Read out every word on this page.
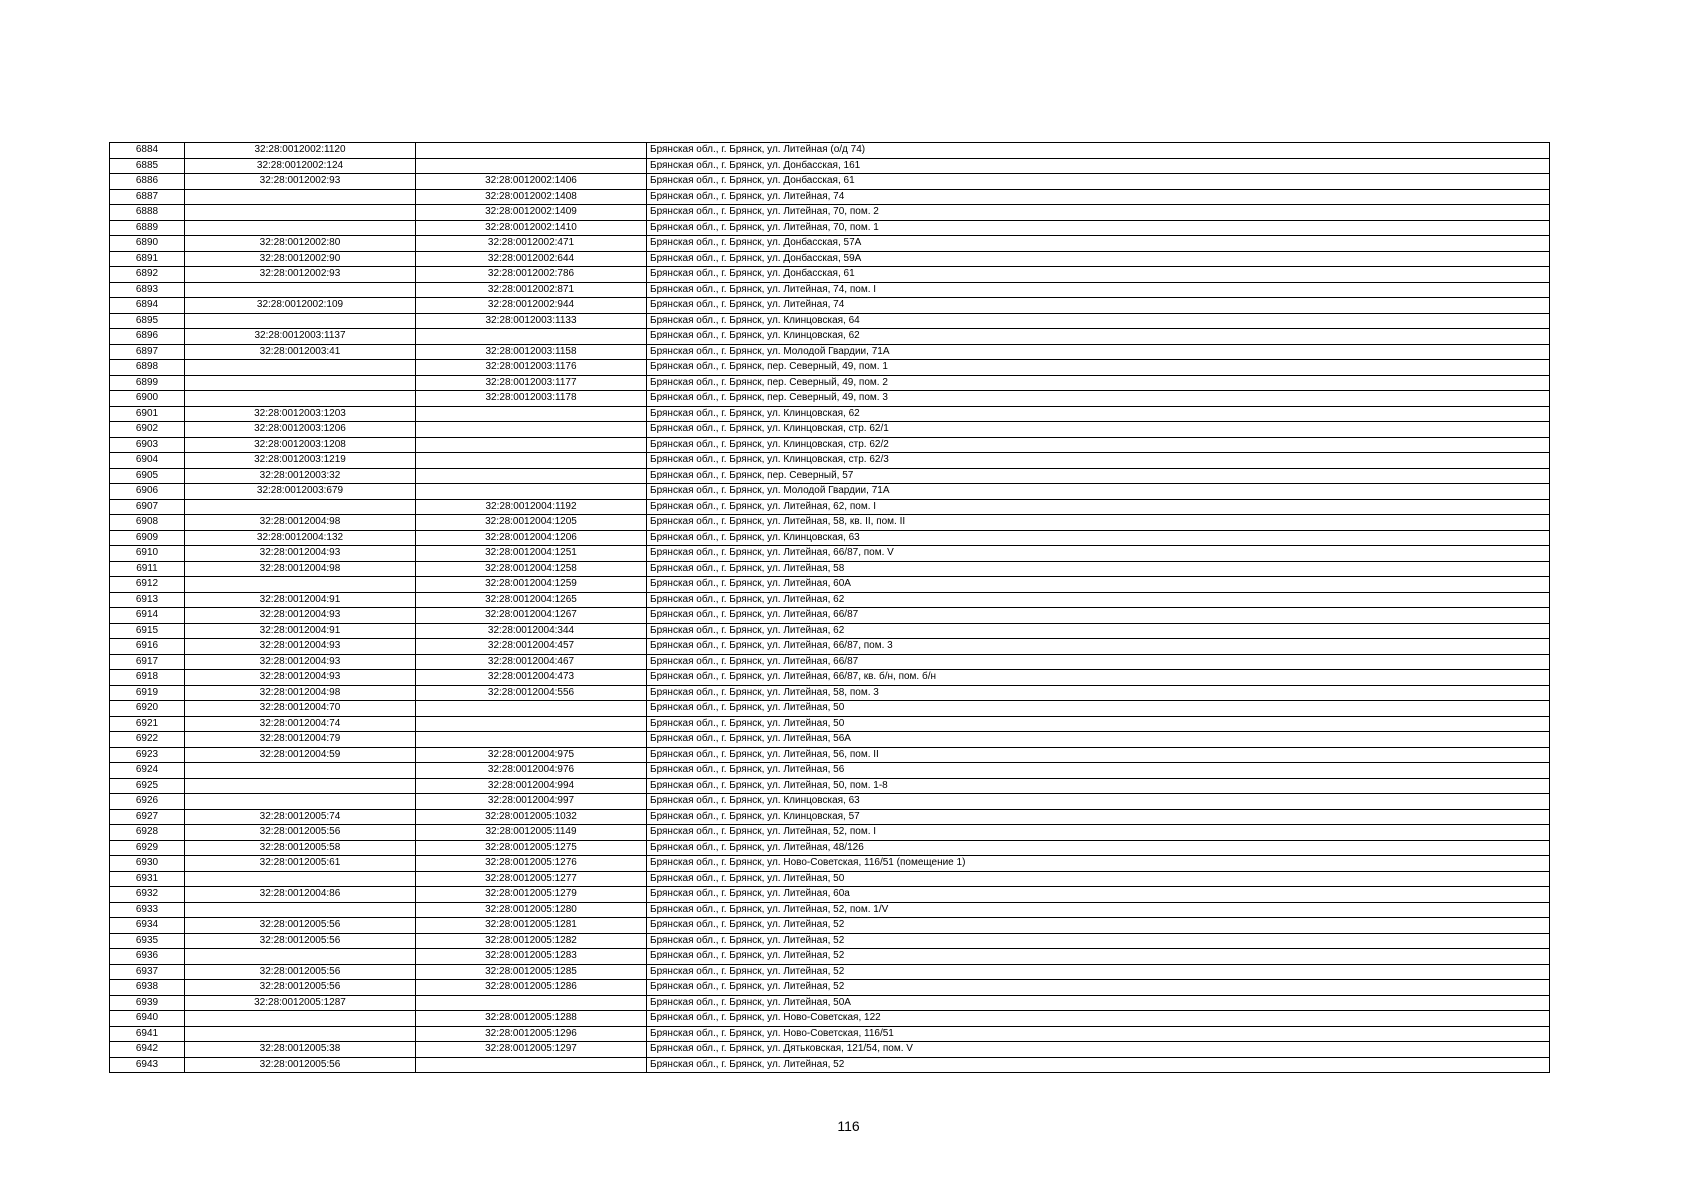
6884	32:28:0012002:1120		Брянская обл., г. Брянск, ул. Литейная (о/д 74)
6885	32:28:0012002:124		Брянская обл., г. Брянск, ул. Донбасская, 161
6886	32:28:0012002:93	32:28:0012002:1406	Брянская обл., г. Брянск, ул. Донбасская, 61
6887		32:28:0012002:1408	Брянская обл., г. Брянск, ул. Литейная, 74
6888		32:28:0012002:1409	Брянская обл., г. Брянск, ул. Литейная, 70, пом. 2
6889		32:28:0012002:1410	Брянская обл., г. Брянск, ул. Литейная, 70, пом. 1
6890	32:28:0012002:80	32:28:0012002:471	Брянская обл., г. Брянск, ул. Донбасская, 57А
6891	32:28:0012002:90	32:28:0012002:644	Брянская обл., г. Брянск, ул. Донбасская, 59А
6892	32:28:0012002:93	32:28:0012002:786	Брянская обл., г. Брянск, ул. Донбасская, 61
6893		32:28:0012002:871	Брянская обл., г. Брянск, ул. Литейная, 74, пом. I
6894	32:28:0012002:109	32:28:0012002:944	Брянская обл., г. Брянск, ул. Литейная, 74
6895		32:28:0012003:1133	Брянская обл., г. Брянск, ул. Клинцовская, 64
6896	32:28:0012003:1137		Брянская обл., г. Брянск, ул. Клинцовская, 62
6897	32:28:0012003:41	32:28:0012003:1158	Брянская обл., г. Брянск, ул. Молодой Гвардии, 71А
6898		32:28:0012003:1176	Брянская обл., г. Брянск, пер. Северный, 49, пом. 1
6899		32:28:0012003:1177	Брянская обл., г. Брянск, пер. Северный, 49, пом. 2
6900		32:28:0012003:1178	Брянская обл., г. Брянск, пер. Северный, 49, пом. 3
6901	32:28:0012003:1203		Брянская обл., г. Брянск, ул. Клинцовская, 62
6902	32:28:0012003:1206		Брянская обл., г. Брянск, ул. Клинцовская, стр. 62/1
6903	32:28:0012003:1208		Брянская обл., г. Брянск, ул. Клинцовская, стр. 62/2
6904	32:28:0012003:1219		Брянская обл., г. Брянск, ул. Клинцовская, стр. 62/3
6905	32:28:0012003:32		Брянская обл., г. Брянск, пер. Северный, 57
6906	32:28:0012003:679		Брянская обл., г. Брянск, ул. Молодой Гвардии, 71А
6907		32:28:0012004:1192	Брянская обл., г. Брянск, ул. Литейная, 62, пом. I
6908	32:28:0012004:98	32:28:0012004:1205	Брянская обл., г. Брянск, ул. Литейная, 58, кв. II, пом. II
6909	32:28:0012004:132	32:28:0012004:1206	Брянская обл., г. Брянск, ул. Клинцовская, 63
6910	32:28:0012004:93	32:28:0012004:1251	Брянская обл., г. Брянск, ул. Литейная, 66/87, пом. V
6911	32:28:0012004:98	32:28:0012004:1258	Брянская обл., г. Брянск, ул. Литейная, 58
6912		32:28:0012004:1259	Брянская обл., г. Брянск, ул. Литейная, 60А
6913	32:28:0012004:91	32:28:0012004:1265	Брянская обл., г. Брянск, ул. Литейная, 62
6914	32:28:0012004:93	32:28:0012004:1267	Брянская обл., г. Брянск, ул. Литейная, 66/87
6915	32:28:0012004:91	32:28:0012004:344	Брянская обл., г. Брянск, ул. Литейная, 62
6916	32:28:0012004:93	32:28:0012004:457	Брянская обл., г. Брянск, ул. Литейная, 66/87, пом. 3
6917	32:28:0012004:93	32:28:0012004:467	Брянская обл., г. Брянск, ул. Литейная, 66/87
6918	32:28:0012004:93	32:28:0012004:473	Брянская обл., г. Брянск, ул. Литейная, 66/87, кв. б/н, пом. б/н
6919	32:28:0012004:98	32:28:0012004:556	Брянская обл., г. Брянск, ул. Литейная, 58, пом. 3
6920	32:28:0012004:70		Брянская обл., г. Брянск, ул. Литейная, 50
6921	32:28:0012004:74		Брянская обл., г. Брянск, ул. Литейная, 50
6922	32:28:0012004:79		Брянская обл., г. Брянск, ул. Литейная, 56А
6923	32:28:0012004:59	32:28:0012004:975	Брянская обл., г. Брянск, ул. Литейная, 56, пом. II
6924		32:28:0012004:976	Брянская обл., г. Брянск, ул. Литейная, 56
6925		32:28:0012004:994	Брянская обл., г. Брянск, ул. Литейная, 50, пом. 1-8
6926		32:28:0012004:997	Брянская обл., г. Брянск, ул. Клинцовская, 63
6927	32:28:0012005:74	32:28:0012005:1032	Брянская обл., г. Брянск, ул. Клинцовская, 57
6928	32:28:0012005:56	32:28:0012005:1149	Брянская обл., г. Брянск, ул. Литейная, 52, пом. I
6929	32:28:0012005:58	32:28:0012005:1275	Брянская обл., г. Брянск, ул. Литейная, 48/126
6930	32:28:0012005:61	32:28:0012005:1276	Брянская обл., г. Брянск, ул. Ново-Советская, 116/51 (помещение 1)
6931		32:28:0012005:1277	Брянская обл., г. Брянск, ул. Литейная, 50
6932	32:28:0012004:86	32:28:0012005:1279	Брянская обл., г. Брянск, ул. Литейная, 60а
6933		32:28:0012005:1280	Брянская обл., г. Брянск, ул. Литейная, 52, пом. 1/V
6934	32:28:0012005:56	32:28:0012005:1281	Брянская обл., г. Брянск, ул. Литейная, 52
6935	32:28:0012005:56	32:28:0012005:1282	Брянская обл., г. Брянск, ул. Литейная, 52
6936		32:28:0012005:1283	Брянская обл., г. Брянск, ул. Литейная, 52
6937	32:28:0012005:56	32:28:0012005:1285	Брянская обл., г. Брянск, ул. Литейная, 52
6938	32:28:0012005:56	32:28:0012005:1286	Брянская обл., г. Брянск, ул. Литейная, 52
6939	32:28:0012005:1287		Брянская обл., г. Брянск, ул. Литейная, 50А
6940		32:28:0012005:1288	Брянская обл., г. Брянск, ул. Ново-Советская, 122
6941		32:28:0012005:1296	Брянская обл., г. Брянск, ул. Ново-Советская, 116/51
6942	32:28:0012005:38	32:28:0012005:1297	Брянская обл., г. Брянск, ул. Дятьковская, 121/54, пом. V
6943	32:28:0012005:56		Брянская обл., г. Брянск, ул. Литейная, 52
116
